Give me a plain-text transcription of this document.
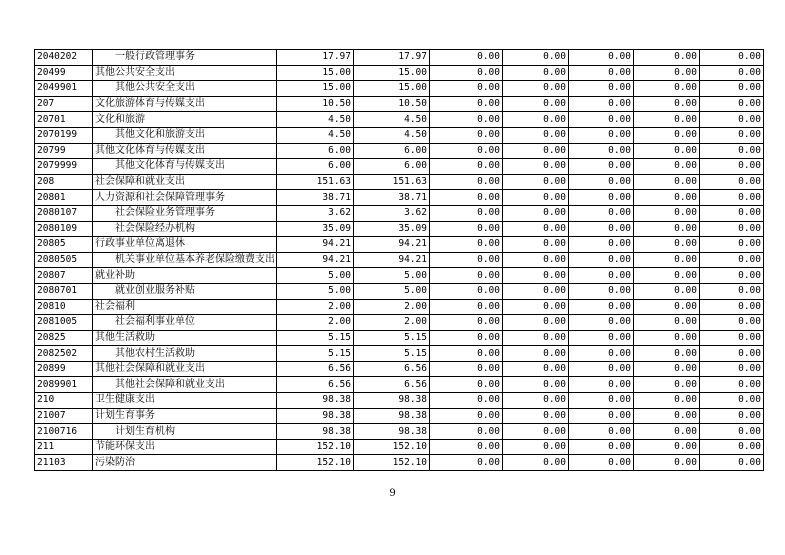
2040202	一般行政管理事务	17.97	17.97	0.00	0.00	0.00	0.00	0.00
20499	其他公共安全支出	15.00	15.00	0.00	0.00	0.00	0.00	0.00
2049901	其他公共安全支出	15.00	15.00	0.00	0.00	0.00	0.00	0.00
207	文化旅游体育与传媒支出	10.50	10.50	0.00	0.00	0.00	0.00	0.00
20701	文化和旅游	4.50	4.50	0.00	0.00	0.00	0.00	0.00
2070199	其他文化和旅游支出	4.50	4.50	0.00	0.00	0.00	0.00	0.00
20799	其他文化体育与传媒支出	6.00	6.00	0.00	0.00	0.00	0.00	0.00
2079999	其他文化体育与传媒支出	6.00	6.00	0.00	0.00	0.00	0.00	0.00
208	社会保障和就业支出	151.63	151.63	0.00	0.00	0.00	0.00	0.00
20801	人力资源和社会保障管理事务	38.71	38.71	0.00	0.00	0.00	0.00	0.00
2080107	社会保险业务管理事务	3.62	3.62	0.00	0.00	0.00	0.00	0.00
2080109	社会保险经办机构	35.09	35.09	0.00	0.00	0.00	0.00	0.00
20805	行政事业单位离退休	94.21	94.21	0.00	0.00	0.00	0.00	0.00
2080505	机关事业单位基本养老保险缴费支出	94.21	94.21	0.00	0.00	0.00	0.00	0.00
20807	就业补助	5.00	5.00	0.00	0.00	0.00	0.00	0.00
2080701	就业创业服务补贴	5.00	5.00	0.00	0.00	0.00	0.00	0.00
20810	社会福利	2.00	2.00	0.00	0.00	0.00	0.00	0.00
2081005	社会福利事业单位	2.00	2.00	0.00	0.00	0.00	0.00	0.00
20825	其他生活救助	5.15	5.15	0.00	0.00	0.00	0.00	0.00
2082502	其他农村生活救助	5.15	5.15	0.00	0.00	0.00	0.00	0.00
20899	其他社会保障和就业支出	6.56	6.56	0.00	0.00	0.00	0.00	0.00
2089901	其他社会保障和就业支出	6.56	6.56	0.00	0.00	0.00	0.00	0.00
210	卫生健康支出	98.38	98.38	0.00	0.00	0.00	0.00	0.00
21007	计划生育事务	98.38	98.38	0.00	0.00	0.00	0.00	0.00
2100716	计划生育机构	98.38	98.38	0.00	0.00	0.00	0.00	0.00
211	节能环保支出	152.10	152.10	0.00	0.00	0.00	0.00	0.00
21103	污染防治	152.10	152.10	0.00	0.00	0.00	0.00	0.00
9
